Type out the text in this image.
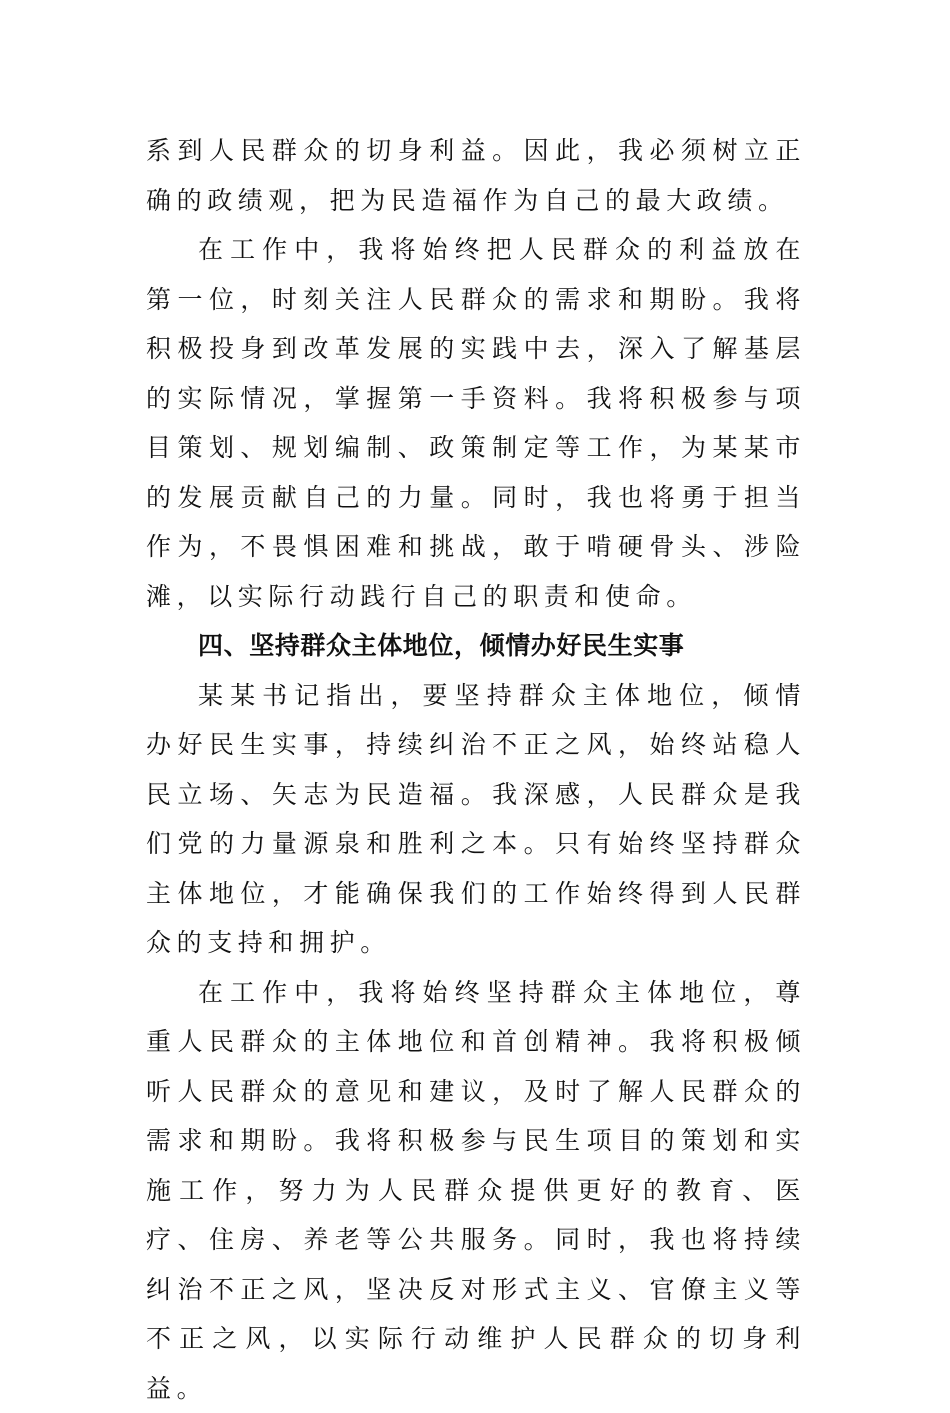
系到人民群众的切身利益。因此，我必须树立正确的政绩观，把为民造福作为自己的最大政绩。

在工作中，我将始终把人民群众的利益放在第一位，时刻关注人民群众的需求和期盼。我将积极投身到改革发展的实践中去，深入了解基层的实际情况，掌握第一手资料。我将积极参与项目策划、规划编制、政策制定等工作，为某某市的发展贡献自己的力量。同时，我也将勇于担当作为，不畏惧困难和挑战，敢于啃硬骨头、涉险滩，以实际行动践行自己的职责和使命。

四、坚持群众主体地位，倾情办好民生实事

某某书记指出，要坚持群众主体地位，倾情办好民生实事，持续纠治不正之风，始终站稳人民立场、矢志为民造福。我深感，人民群众是我们党的力量源泉和胜利之本。只有始终坚持群众主体地位，才能确保我们的工作始终得到人民群众的支持和拥护。

在工作中，我将始终坚持群众主体地位，尊重人民群众的主体地位和首创精神。我将积极倾听人民群众的意见和建议，及时了解人民群众的需求和期盼。我将积极参与民生项目的策划和实施工作，努力为人民群众提供更好的教育、医疗、住房、养老等公共服务。同时，我也将持续纠治不正之风，坚决反对形式主义、官僚主义等不正之风，以实际行动维护人民群众的切身利益。
